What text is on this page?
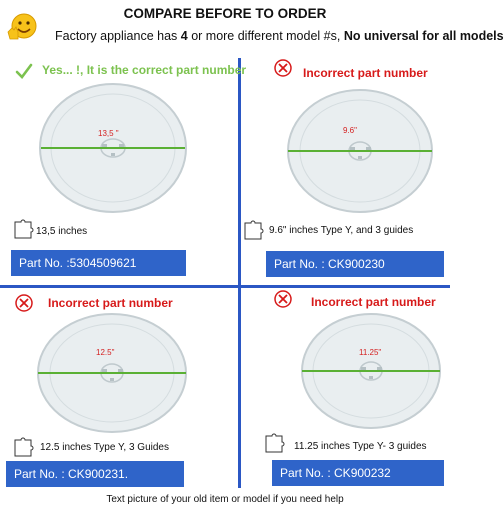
COMPARE BEFORE TO ORDER
Factory appliance has 4 or more different model #s, No universal for all models
Yes... !, It is the correct part number
13,5 "
13,5 inches
Part No. :5304509621
Incorrect part number
9.6"
9.6" inches Type Y, and 3 guides
Part No. : CK900230
Incorrect part number
12.5"
12.5 inches Type Y, 3 Guides
Part No. : CK900231.
Incorrect part number
11.25"
11.25 inches Type Y- 3 guides
Part No. : CK900232
Text picture of your old item or model if you need help
